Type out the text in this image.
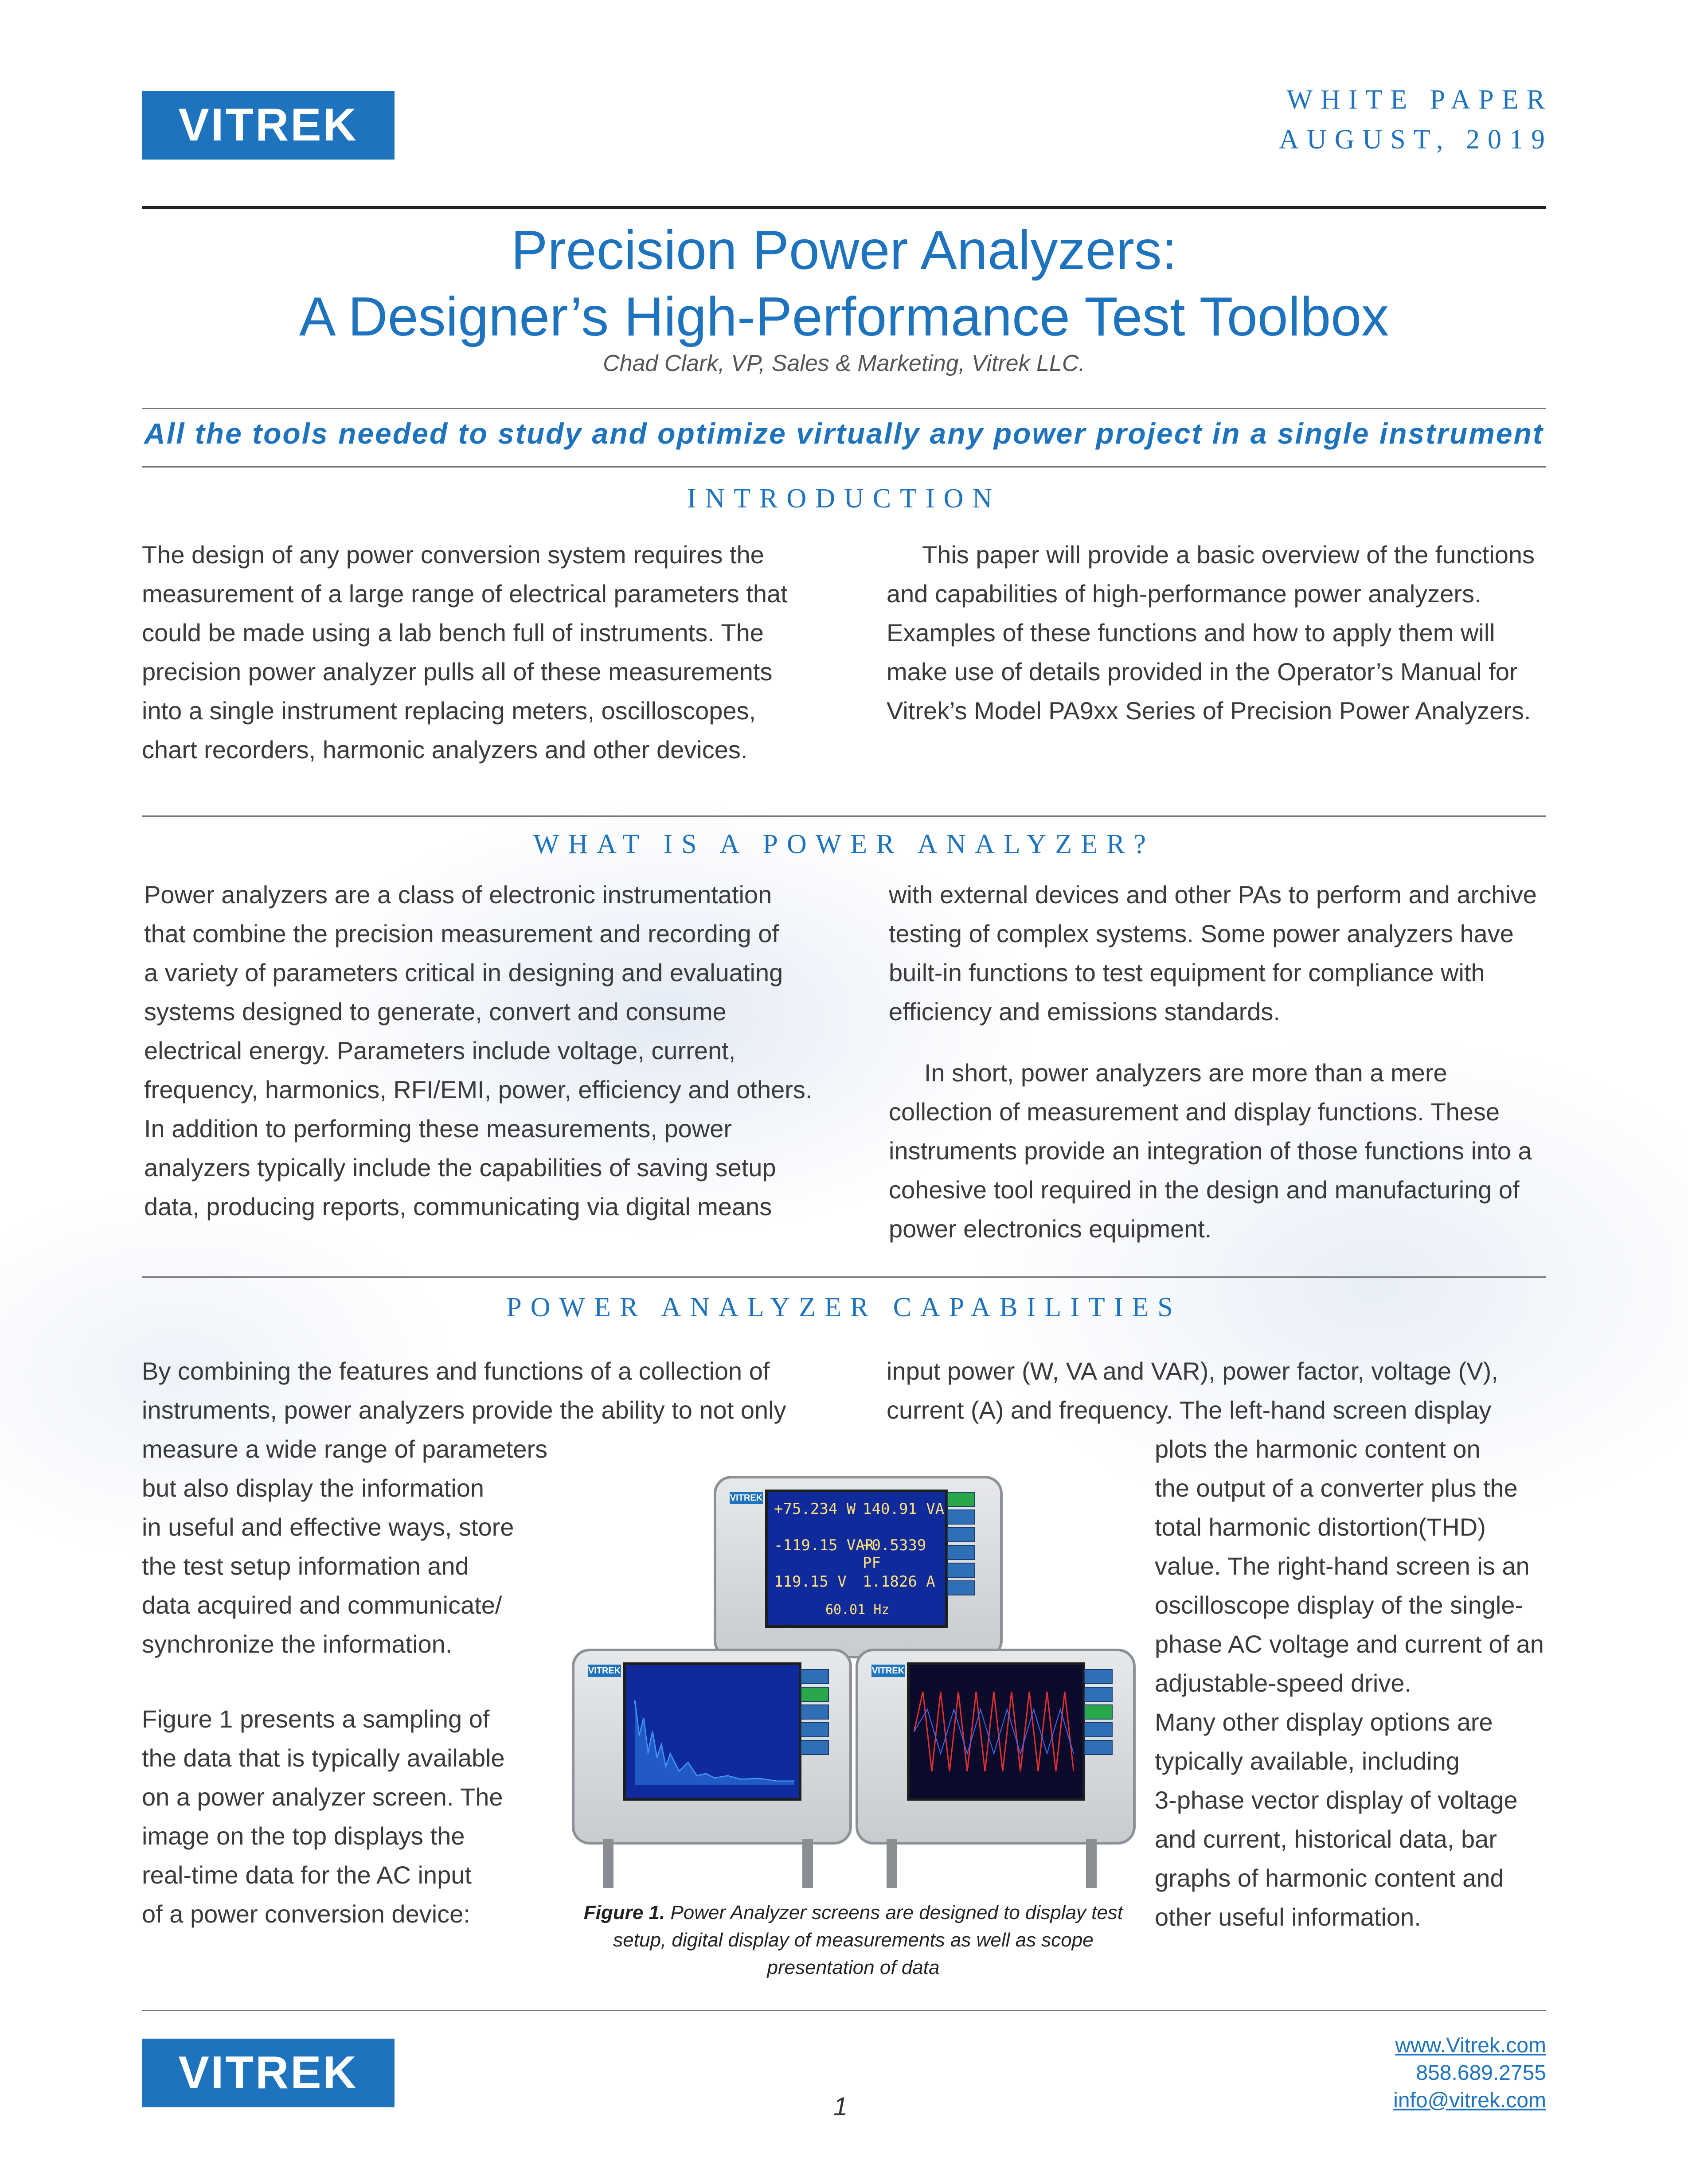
VITREK	WHITE PAPER
AUGUST, 2019
Precision Power Analyzers:
A Designer’s High-Performance Test Toolbox
Chad Clark, VP, Sales & Marketing, Vitrek LLC.
All the tools needed to study and optimize virtually any power project in a single instrument
INTRODUCTION
The design of any power conversion system requires the
measurement of a large range of electrical parameters that
could be made using a lab bench full of instruments. The
precision power analyzer pulls all of these measurements
into a single instrument replacing meters, oscilloscopes,
chart recorders, harmonic analyzers and other devices.
This paper will provide a basic overview of the functions
and capabilities of high-performance power analyzers.
Examples of these functions and how to apply them will
make use of details provided in the Operator’s Manual for
Vitrek’s Model PA9xx Series of Precision Power Analyzers.
WHAT IS A POWER ANALYZER?
Power analyzers are a class of electronic instrumentation
that combine the precision measurement and recording of
a variety of parameters critical in designing and evaluating
systems designed to generate, convert and consume
electrical energy. Parameters include voltage, current,
frequency, harmonics, RFI/EMI, power, efficiency and others.
In addition to performing these measurements, power
analyzers typically include the capabilities of saving setup
data, producing reports, communicating via digital means
with external devices and other PAs to perform and archive
testing of complex systems. Some power analyzers have
built-in functions to test equipment for compliance with
efficiency and emissions standards.
In short, power analyzers are more than a mere
collection of measurement and display functions. These
instruments provide an integration of those functions into a
cohesive tool required in the design and manufacturing of
power electronics equipment.
POWER ANALYZER CAPABILITIES
By combining the features and functions of a collection of
instruments, power analyzers provide the ability to not only
measure a wide range of parameters
but also display the information
in useful and effective ways, store
the test setup information and
data acquired and communicate/
synchronize the information.
Figure 1 presents a sampling of
the data that is typically available
on a power analyzer screen. The
image on the top displays the
real-time data for the AC input
of a power conversion device:
input power (W, VA and VAR), power factor, voltage (V),
current (A) and frequency. The left-hand screen display
plots the harmonic content on
the output of a converter plus the
total harmonic distortion(THD)
value. The right-hand screen is an
oscilloscope display of the single-
phase AC voltage and current of an
adjustable-speed drive.
Many other display options are
typically available, including
3-phase vector display of voltage
and current, historical data, bar
graphs of harmonic content and
other useful information.
VITREK
+75.234 W 140.91 VA
-119.15 VAR
+0.5339 PF
119.15 V 1.1826 A
60.01 Hz
VITREK	VITREK
Figure 1. Power Analyzer screens are designed to display test
setup, digital display of measurements as well as scope
presentation of data
VITREK
www.Vitrek.com
858.689.2755
info@vitrek.com
1
